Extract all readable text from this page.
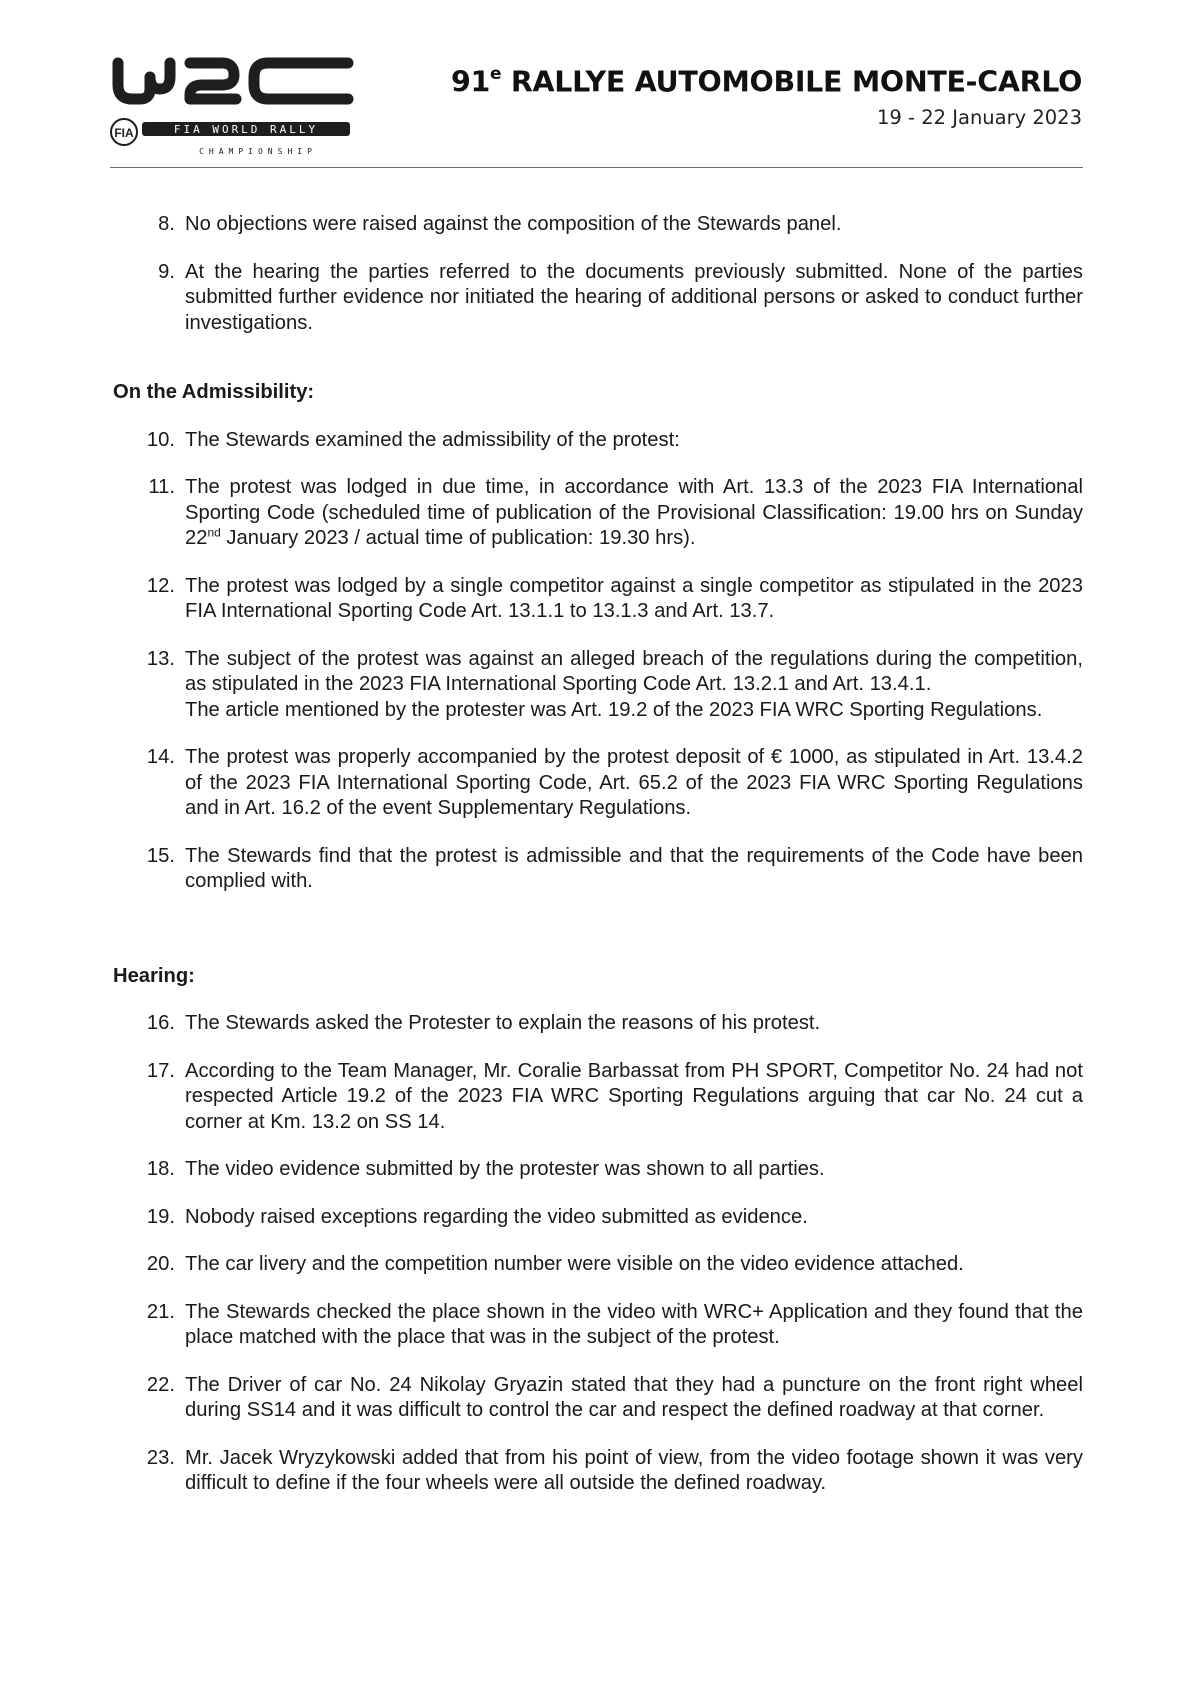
FIA	FIA WORLD RALLY
CHAMPIONSHIP
91e RALLYE AUTOMOBILE MONTE-CARLO
19 - 22 January 2023
8. No objections were raised against the composition of the Stewards panel.
9. At the hearing the parties referred to the documents previously submitted. None of the parties submitted further evidence nor initiated the hearing of additional persons or asked to conduct further investigations.
On the Admissibility:
10. The Stewards examined the admissibility of the protest:
11. The protest was lodged in due time, in accordance with Art. 13.3 of the 2023 FIA International Sporting Code (scheduled time of publication of the Provisional Classification: 19.00 hrs on Sunday 22nd January 2023 / actual time of publication: 19.30 hrs).
12. The protest was lodged by a single competitor against a single competitor as stipulated in the 2023 FIA International Sporting Code Art. 13.1.1 to 13.1.3 and Art. 13.7.
13. The subject of the protest was against an alleged breach of the regulations during the competition, as stipulated in the 2023 FIA International Sporting Code Art. 13.2.1 and Art. 13.4.1.

The article mentioned by the protester was Art. 19.2 of the 2023 FIA WRC Sporting Regulations.

14. The protest was properly accompanied by the protest deposit of € 1000, as stipulated in Art. 13.4.2 of the 2023 FIA International Sporting Code, Art. 65.2 of the 2023 FIA WRC Sporting Regulations and in Art. 16.2 of the event Supplementary Regulations.
15. The Stewards find that the protest is admissible and that the requirements of the Code have been complied with.
Hearing:
16. The Stewards asked the Protester to explain the reasons of his protest.
17. According to the Team Manager, Mr. Coralie Barbassat from PH SPORT, Competitor No. 24 had not respected Article 19.2 of the 2023 FIA WRC Sporting Regulations arguing that car No. 24 cut a corner at Km. 13.2 on SS 14.
18. The video evidence submitted by the protester was shown to all parties.
19. Nobody raised exceptions regarding the video submitted as evidence.
20. The car livery and the competition number were visible on the video evidence attached.
21. The Stewards checked the place shown in the video with WRC+ Application and they found that the place matched with the place that was in the subject of the protest.
22. The Driver of car No. 24 Nikolay Gryazin stated that they had a puncture on the front right wheel during SS14 and it was difficult to control the car and respect the defined roadway at that corner.
23. Mr. Jacek Wryzykowski added that from his point of view, from the video footage shown it was very difficult to define if the four wheels were all outside the defined roadway.
